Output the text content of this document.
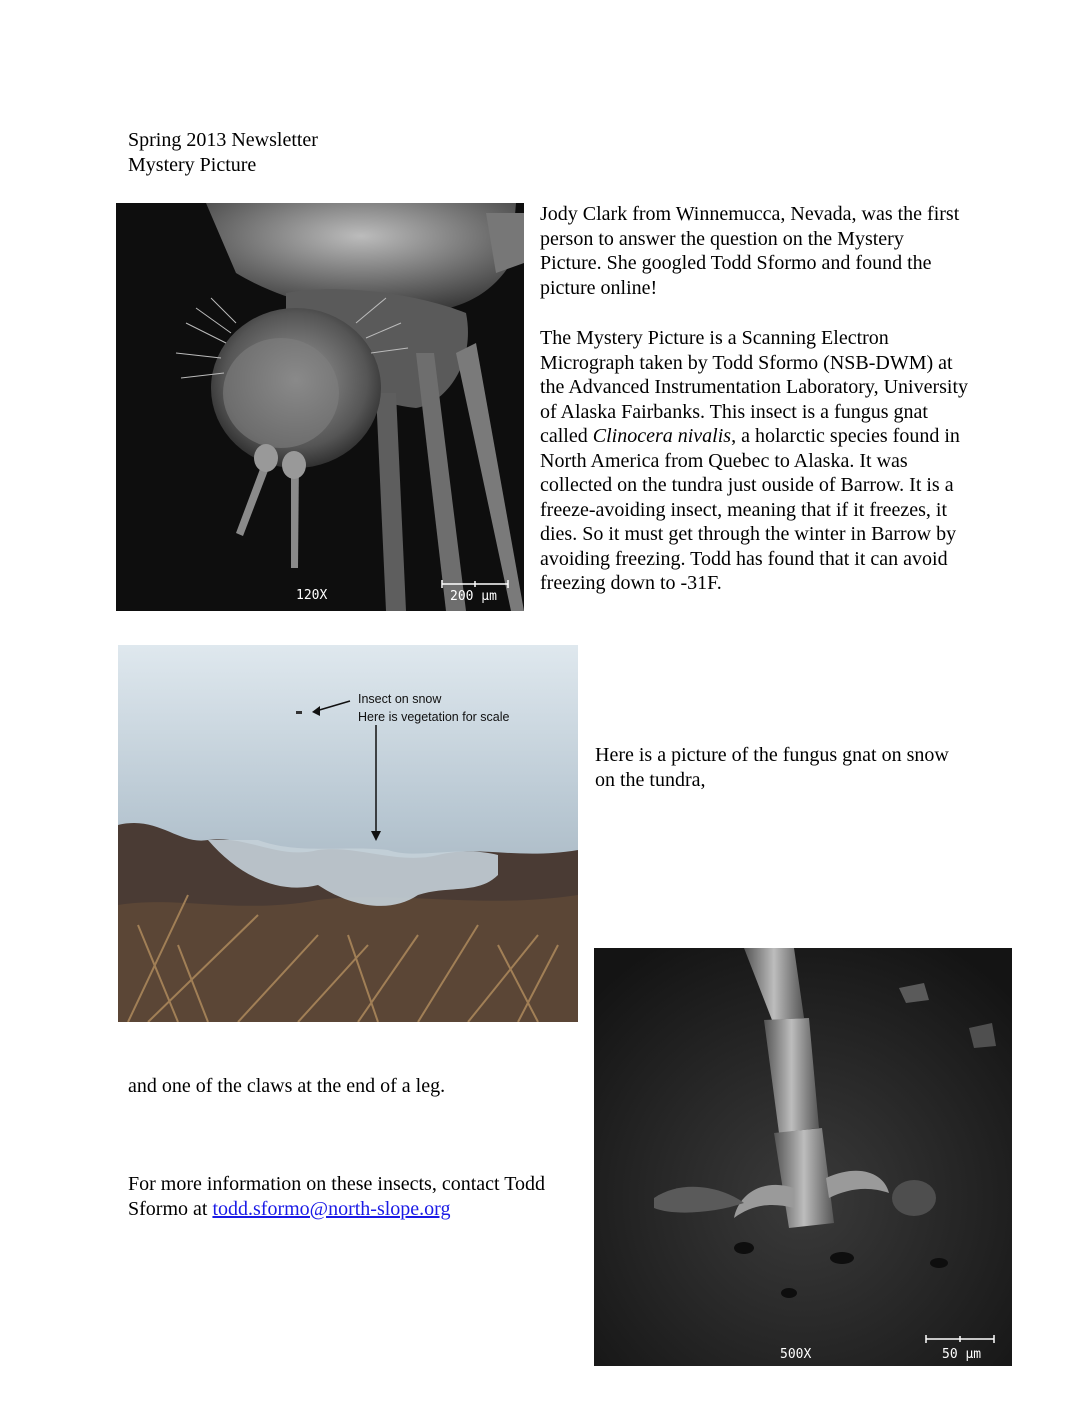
Spring 2013 Newsletter
Mystery Picture
120X	200 µm
Jody Clark from Winnemucca, Nevada, was the first person to answer the question on the Mystery Picture. She googled Todd Sformo and found the picture online!
The Mystery Picture is a Scanning Electron Micrograph taken by Todd Sformo (NSB-DWM) at the Advanced Instrumentation Laboratory, University of Alaska Fairbanks. This insect is a fungus gnat called Clinocera nivalis, a holarctic species found in North America from Quebec to Alaska. It was collected on the tundra just ouside of Barrow. It is a freeze-avoiding insect, meaning that if it freezes, it dies. So it must get through the winter in Barrow by avoiding freezing. Todd has found that it can avoid freezing down to -31F.
Insect on snow
Here is vegetation for scale
Here is a picture of the fungus gnat on snow on the tundra,
500X	50 µm
and one of the claws at the end of a leg.
For more information on these insects, contact Todd Sformo at todd.sformo@north-slope.org
